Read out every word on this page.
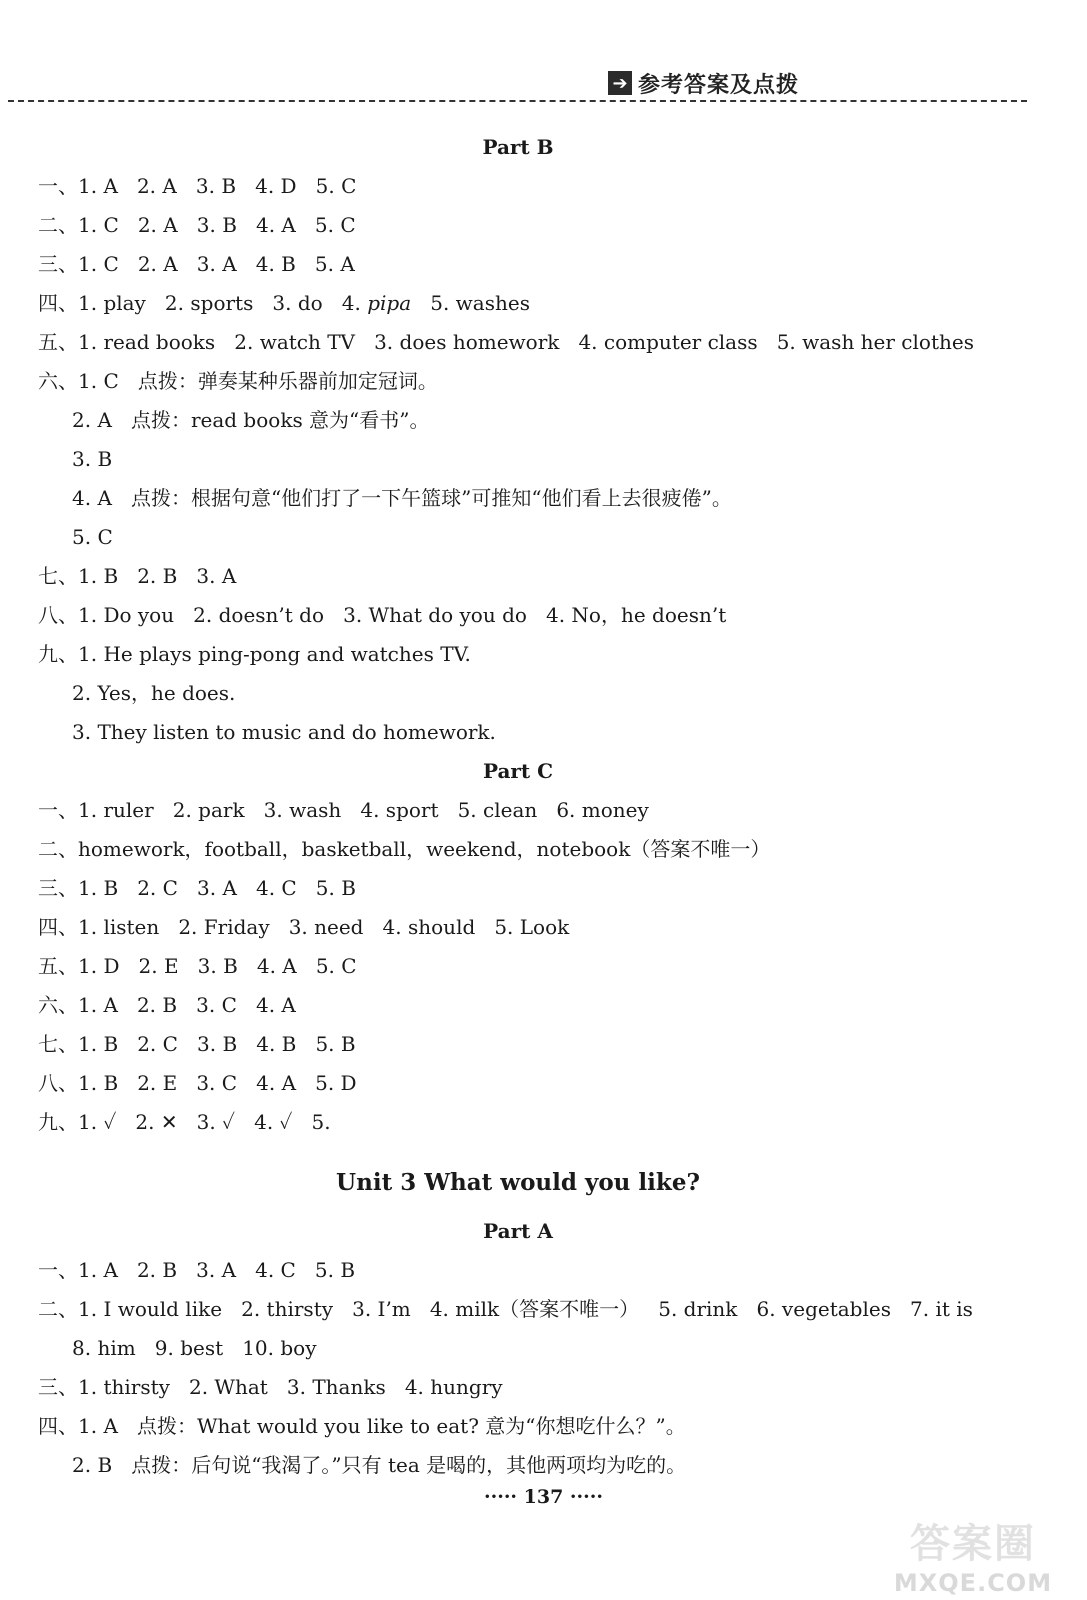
➔ 参考答案及点拨
Part B
一、1. A   2. A   3. B   4. D   5. C
二、1. C   2. A   3. B   4. A   5. C
三、1. C   2. A   3. A   4. B   5. A
四、1. play   2. sports   3. do   4. pipa   5. washes
五、1. read books   2. watch TV   3. does homework   4. computer class   5. wash her clothes
六、1. C   点拨：弹奏某种乐器前加定冠词。
2. A   点拨：read books 意为“看书”。
3. B
4. A   点拨：根据句意“他们打了一下午篮球”可推知“他们看上去很疲倦”。
5. C
七、1. B   2. B   3. A
八、1. Do you   2. doesn’t do   3. What do you do   4. No，he doesn’t
九、1. He plays ping-pong and watches TV.
2. Yes，he does.
3. They listen to music and do homework.
Part C
一、1. ruler   2. park   3. wash   4. sport   5. clean   6. money
二、homework，football，basketball，weekend，notebook（答案不唯一）
三、1. B   2. C   3. A   4. C   5. B
四、1. listen   2. Friday   3. need   4. should   5. Look
五、1. D   2. E   3. B   4. A   5. C
六、1. A   2. B   3. C   4. A
七、1. B   2. C   3. B   4. B   5. B
八、1. B   2. E   3. C   4. A   5. D
九、1. ✓   2. ✕   3. ✓   4. ✓   5.
Unit 3 What would you like?
Part A
一、1. A   2. B   3. A   4. C   5. B
二、1. I would like   2. thirsty   3. I’m   4. milk（答案不唯一）   5. drink   6. vegetables   7. it is
8. him   9. best   10. boy
三、1. thirsty   2. What   3. Thanks   4. hungry
四、1. A   点拨：What would you like to eat? 意为“你想吃什么？”。
2. B   点拨：后句说“我渴了。”只有 tea 是喝的，其他两项均为吃的。
····· 137 ·····
答案圈
MXQE.COM
